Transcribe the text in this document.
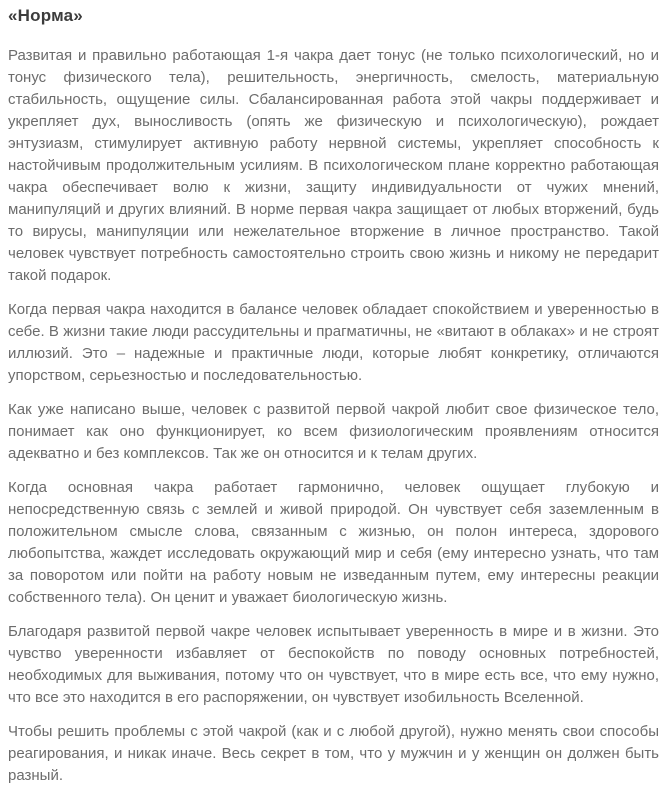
«Норма»

Развитая и правильно работающая 1-я чакра дает тонус (не только психологический, но и тонус физического тела), решительность, энергичность, смелость, материальную стабильность, ощущение силы. Сбалансированная работа этой чакры поддерживает и укрепляет дух, выносливость (опять же физическую и психологическую), рождает энтузиазм, стимулирует активную работу нервной системы, укрепляет способность к настойчивым продолжительным усилиям. В психологическом плане корректно работающая чакра обеспечивает волю к жизни, защиту индивидуальности от чужих мнений, манипуляций и других влияний. В норме первая чакра защищает от любых вторжений, будь то вирусы, манипуляции или нежелательное вторжение в личное пространство. Такой человек чувствует потребность самостоятельно строить свою жизнь и никому не передарит такой подарок.

Когда первая чакра находится в балансе человек обладает спокойствием и уверенностью в себе. В жизни такие люди рассудительны и прагматичны, не «витают в облаках» и не строят иллюзий. Это – надежные и практичные люди, которые любят конкретику, отличаются упорством, серьезностью и последовательностью.

Как уже написано выше, человек с развитой первой чакрой любит свое физическое тело, понимает как оно функционирует, ко всем физиологическим проявлениям относится адекватно и без комплексов. Так же он относится и к телам других.

Когда основная чакра работает гармонично, человек ощущает глубокую и непосредственную связь с землей и живой природой. Он чувствует себя заземленным в положительном смысле слова, связанным с жизнью, он полон интереса, здорового любопытства, жаждет исследовать окружающий мир и себя (ему интересно узнать, что там за поворотом или пойти на работу новым не изведанным путем, ему интересны реакции собственного тела). Он ценит и уважает биологическую жизнь.

Благодаря развитой первой чакре человек испытывает уверенность в мире и в жизни. Это чувство уверенности избавляет от беспокойств по поводу основных потребностей, необходимых для выживания, потому что он чувствует, что в мире есть все, что ему нужно, что все это находится в его распоряжении, он чувствует изобильность Вселенной.

Чтобы решить проблемы с этой чакрой (как и с любой другой), нужно менять свои способы реагирования, и никак иначе. Весь секрет в том, что у мужчин и у женщин он должен быть разный.
